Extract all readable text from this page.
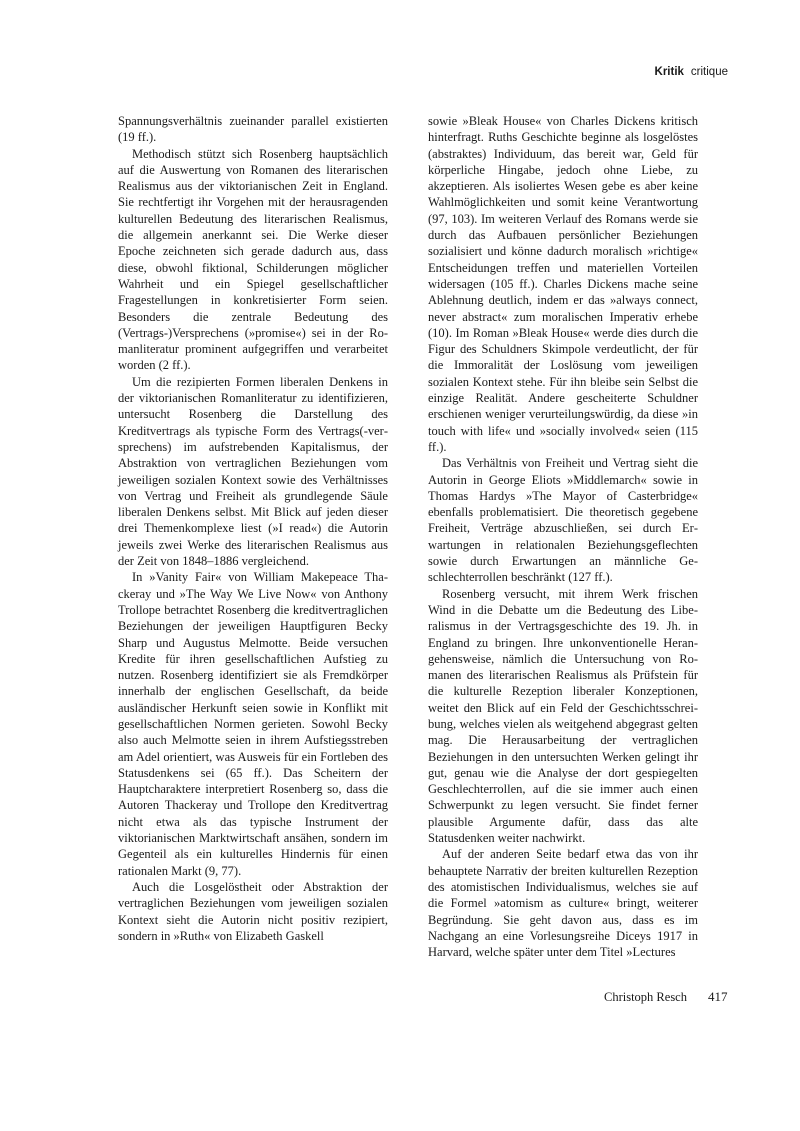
Kritik critique

Spannungsverhältnis zueinander parallel existierten (19 ff.).

Methodisch stützt sich Rosenberg hauptsächlich auf die Auswertung von Romanen des literarischen Realismus aus der viktorianischen Zeit in England. Sie rechtfertigt ihr Vorgehen mit der herausragenden kulturellen Bedeutung des literarischen Realismus, die allgemein anerkannt sei. Die Werke dieser Epoche zeichneten sich gerade dadurch aus, dass diese, obwohl fiktional, Schilderungen möglicher Wahrheit und ein Spiegel gesellschaftlicher Fragestellungen in konkretisierter Form seien. Besonders die zentrale Bedeutung des (Vertrags-)Versprechens (»promise«) sei in der Romanliteratur prominent aufgegriffen und verarbeitet worden (2 ff.).

Um die rezipierten Formen liberalen Denkens in der viktorianischen Romanliteratur zu identifizieren, untersucht Rosenberg die Darstellung des Kreditvertrags als typische Form des Vertrags(-versprechens) im aufstrebenden Kapitalismus, der Abstraktion von vertraglichen Beziehungen vom jeweiligen sozialen Kontext sowie des Verhältnisses von Vertrag und Freiheit als grundlegende Säule liberalen Denkens selbst. Mit Blick auf jeden dieser drei Themenkomplexe liest (»I read«) die Autorin jeweils zwei Werke des literarischen Realismus aus der Zeit von 1848–1886 vergleichend.

In »Vanity Fair« von William Makepeace Thackeray und »The Way We Live Now« von Anthony Trollope betrachtet Rosenberg die kreditvertraglichen Beziehungen der jeweiligen Hauptfiguren Becky Sharp und Augustus Melmotte. Beide versuchen Kredite für ihren gesellschaftlichen Aufstieg zu nutzen. Rosenberg identifiziert sie als Fremdkörper innerhalb der englischen Gesellschaft, da beide ausländischer Herkunft seien sowie in Konflikt mit gesellschaftlichen Normen gerieten. Sowohl Becky also auch Melmotte seien in ihrem Aufstiegsstreben am Adel orientiert, was Ausweis für ein Fortleben des Statusdenkens sei (65 ff.). Das Scheitern der Hauptcharaktere interpretiert Rosenberg so, dass die Autoren Thackeray und Trollope den Kreditvertrag nicht etwa als das typische Instrument der viktorianischen Marktwirtschaft ansähen, sondern im Gegenteil als ein kulturelles Hindernis für einen rationalen Markt (9, 77).

Auch die Losgelöstheit oder Abstraktion der vertraglichen Beziehungen vom jeweiligen sozialen Kontext sieht die Autorin nicht positiv rezipiert, sondern in »Ruth« von Elizabeth Gaskell

sowie »Bleak House« von Charles Dickens kritisch hinterfragt. Ruths Geschichte beginne als losgelöstes (abstraktes) Individuum, das bereit war, Geld für körperliche Hingabe, jedoch ohne Liebe, zu akzeptieren. Als isoliertes Wesen gebe es aber keine Wahlmöglichkeiten und somit keine Verantwortung (97, 103). Im weiteren Verlauf des Romans werde sie durch das Aufbauen persönlicher Beziehungen sozialisiert und könne dadurch moralisch »richtige« Entscheidungen treffen und materiellen Vorteilen widersagen (105 ff.). Charles Dickens mache seine Ablehnung deutlich, indem er das »always connect, never abstract« zum moralischen Imperativ erhebe (10). Im Roman »Bleak House« werde dies durch die Figur des Schuldners Skimpole verdeutlicht, der für die Immoralität der Loslösung vom jeweiligen sozialen Kontext stehe. Für ihn bleibe sein Selbst die einzige Realität. Andere gescheiterte Schuldner erschienen weniger verurteilungswürdig, da diese »in touch with life« und »socially involved« seien (115 ff.).

Das Verhältnis von Freiheit und Vertrag sieht die Autorin in George Eliots »Middlemarch« sowie in Thomas Hardys »The Mayor of Casterbridge« ebenfalls problematisiert. Die theoretisch gegebene Freiheit, Verträge abzuschließen, sei durch Erwartungen in relationalen Beziehungsgeflechten sowie durch Erwartungen an männliche Geschlechterrollen beschränkt (127 ff.).

Rosenberg versucht, mit ihrem Werk frischen Wind in die Debatte um die Bedeutung des Liberalismus in der Vertragsgeschichte des 19. Jh. in England zu bringen. Ihre unkonventionelle Herangehensweise, nämlich die Untersuchung von Romanen des literarischen Realismus als Prüfstein für die kulturelle Rezeption liberaler Konzeptionen, weitet den Blick auf ein Feld der Geschichtsschreibung, welches vielen als weitgehend abgegrast gelten mag. Die Herausarbeitung der vertraglichen Beziehungen in den untersuchten Werken gelingt ihr gut, genau wie die Analyse der dort gespiegelten Geschlechterrollen, auf die sie immer auch einen Schwerpunkt zu legen versucht. Sie findet ferner plausible Argumente dafür, dass das alte Statusdenken weiter nachwirkt.

Auf der anderen Seite bedarf etwa das von ihr behauptete Narrativ der breiten kulturellen Rezeption des atomistischen Individualismus, welches sie auf die Formel »atomism as culture« bringt, weiterer Begründung. Sie geht davon aus, dass es im Nachgang an eine Vorlesungsreihe Diceys 1917 in Harvard, welche später unter dem Titel »Lectures

Christoph Resch 417
